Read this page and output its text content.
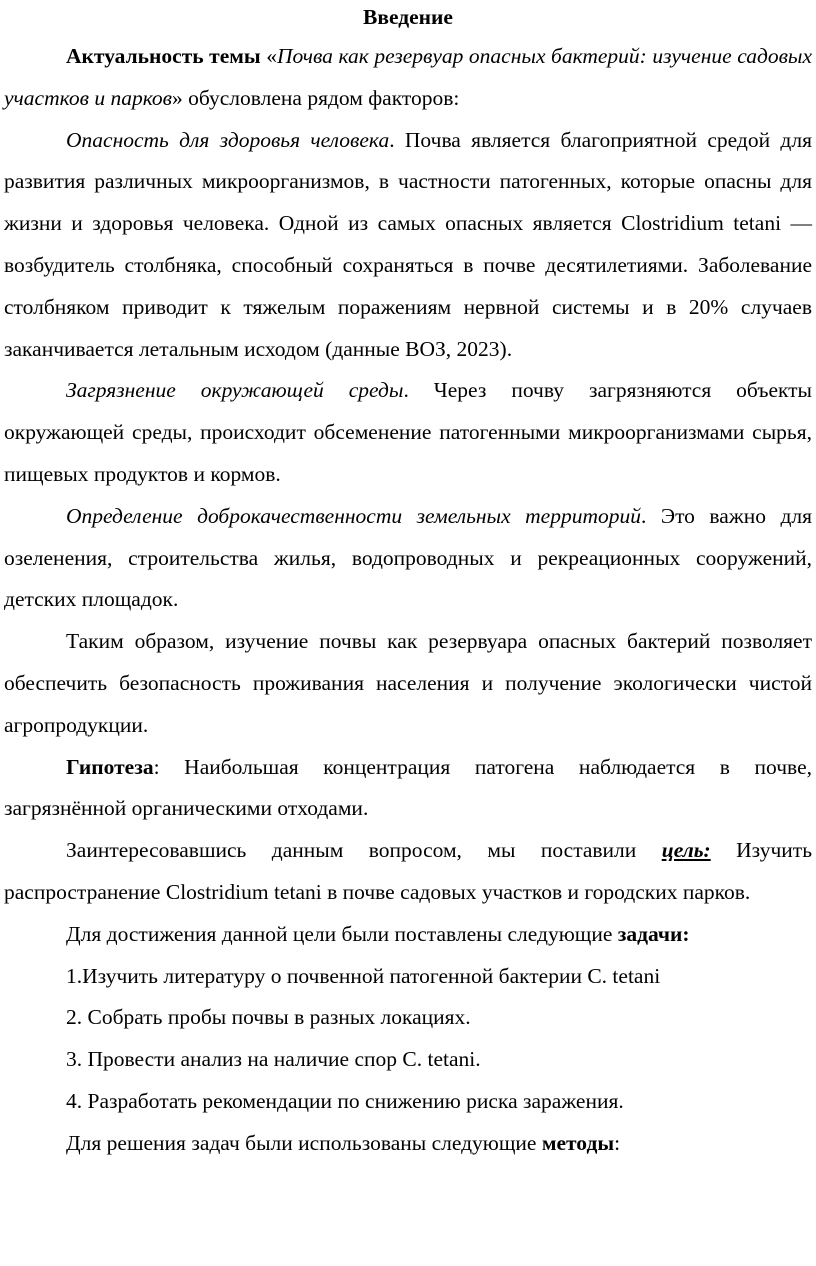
Введение

Актуальность темы «Почва как резервуар опасных бактерий: изучение садовых участков и парков» обусловлена рядом факторов:

Опасность для здоровья человека. Почва является благоприятной средой для развития различных микроорганизмов, в частности патогенных, которые опасны для жизни и здоровья человека. Одной из самых опасных является Clostridium tetani — возбудитель столбняка, способный сохраняться в почве десятилетиями. Заболевание столбняком приводит к тяжелым поражениям нервной системы и в 20% случаев заканчивается летальным исходом (данные ВОЗ, 2023).

Загрязнение окружающей среды. Через почву загрязняются объекты окружающей среды, происходит обсеменение патогенными микроорганизмами сырья, пищевых продуктов и кормов.

Определение доброкачественности земельных территорий. Это важно для озеленения, строительства жилья, водопроводных и рекреационных сооружений, детских площадок.

Таким образом, изучение почвы как резервуара опасных бактерий позволяет обеспечить безопасность проживания населения и получение экологически чистой агропродукции.

Гипотеза: Наибольшая концентрация патогена наблюдается в почве, загрязнённой органическими отходами.

Заинтересовавшись данным вопросом, мы поставили цель: Изучить распространение Clostridium tetani в почве садовых участков и городских парков.

Для достижения данной цели были поставлены следующие задачи:

1.Изучить литературу о почвенной патогенной бактерии C. tetani

2. Собрать пробы почвы в разных локациях.

3. Провести анализ на наличие спор C. tetani.

4. Разработать рекомендации по снижению риска заражения.

Для решения задач были использованы следующие методы:
